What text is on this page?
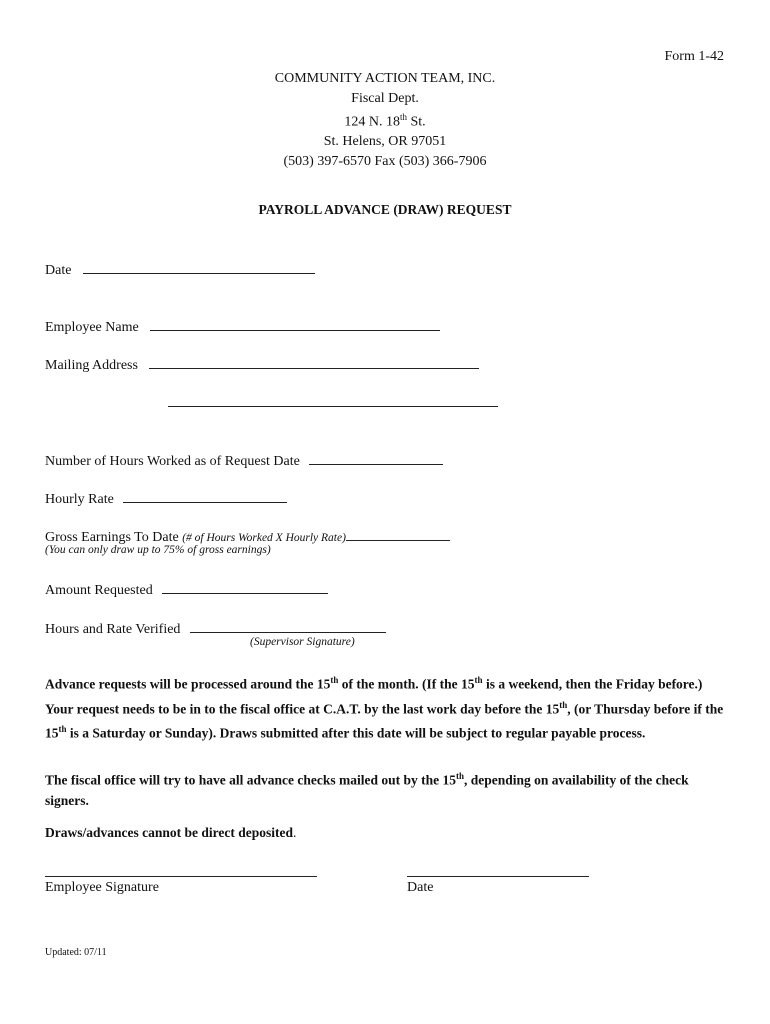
Form 1-42
COMMUNITY ACTION TEAM, INC.
Fiscal Dept.
124 N. 18th St.
St. Helens, OR 97051
(503) 397-6570 Fax (503) 366-7906
PAYROLL ADVANCE (DRAW) REQUEST
Date
Employee Name
Mailing Address
Number of Hours Worked as of Request Date
Hourly Rate
Gross Earnings To Date (# of Hours Worked X Hourly Rate)
(You can only draw up to 75% of gross earnings)
Amount Requested
Hours and Rate Verified
(Supervisor Signature)
Advance requests will be processed around the 15th of the month. (If the 15th is a weekend, then the Friday before.) Your request needs to be in to the fiscal office at C.A.T. by the last work day before the 15th, (or Thursday before if the 15th is a Saturday or Sunday). Draws submitted after this date will be subject to regular payable process.
The fiscal office will try to have all advance checks mailed out by the 15th, depending on availability of the check signers.
Draws/advances cannot be direct deposited.
Employee Signature	Date
Updated: 07/11
